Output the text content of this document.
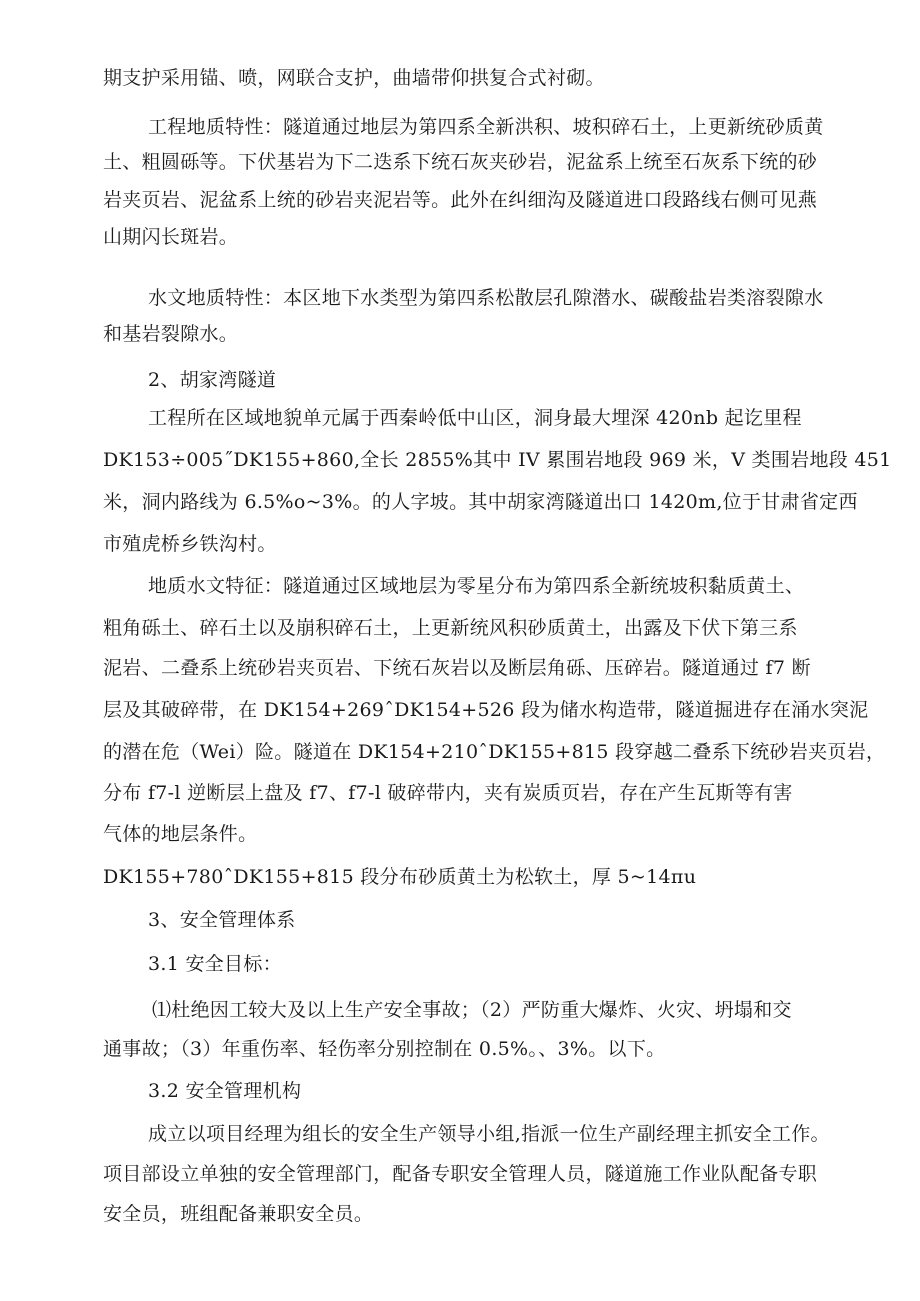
期支护采用锚、喷，网联合支护，曲墙带仰拱复合式衬砌。
工程地质特性：隧道通过地层为第四系全新洪积、坡积碎石土，上更新统砂质黄
土、粗圆砾等。下伏基岩为下二迭系下统石灰夹砂岩，泥盆系上统至石灰系下统的砂
岩夹页岩、泥盆系上统的砂岩夹泥岩等。此外在纠细沟及隧道进口段路线右侧可见燕
山期闪长斑岩。
水文地质特性：本区地下水类型为第四系松散层孔隙潜水、碳酸盐岩类溶裂隙水
和基岩裂隙水。
2、胡家湾隧道
工程所在区域地貌单元属于西秦岭低中山区，洞身最大埋深 420nb 起讫里程
DK153÷005˝DK155+860,全长 2855%其中 IV 累围岩地段 969 米，V 类围岩地段 451
米，洞内路线为 6.5%o~3%。的人字坡。其中胡家湾隧道出口 1420m,位于甘肃省定西
市殖虎桥乡铁沟村。
地质水文特征：隧道通过区域地层为零星分布为第四系全新统坡积黏质黄土、
粗角砾土、碎石土以及崩积碎石土，上更新统风积砂质黄土，出露及下伏下第三系
泥岩、二叠系上统砂岩夹页岩、下统石灰岩以及断层角砾、压碎岩。隧道通过 f7 断
层及其破碎带，在 DK154+269ˆDK154+526 段为储水构造带，隧道掘进存在涌水突泥
的潜在危（Wei）险。隧道在 DK154+210ˆDK155+815 段穿越二叠系下统砂岩夹页岩，
分布 f7-l 逆断层上盘及 f7、f7-l 破碎带内，夹有炭质页岩，存在产生瓦斯等有害
气体的地层条件。
DK155+780ˆDK155+815 段分布砂质黄土为松软土，厚 5~14πu
3、安全管理体系
3.1 安全目标：
⑴杜绝因工较大及以上生产安全事故；（2）严防重大爆炸、火灾、坍塌和交
通事故；（3）年重伤率、轻伤率分别控制在 0.5%。、3%。以下。
3.2 安全管理机构
成立以项目经理为组长的安全生产领导小组,指派一位生产副经理主抓安全工作。
项目部设立单独的安全管理部门，配备专职安全管理人员，隧道施工作业队配备专职
安全员，班组配备兼职安全员。
